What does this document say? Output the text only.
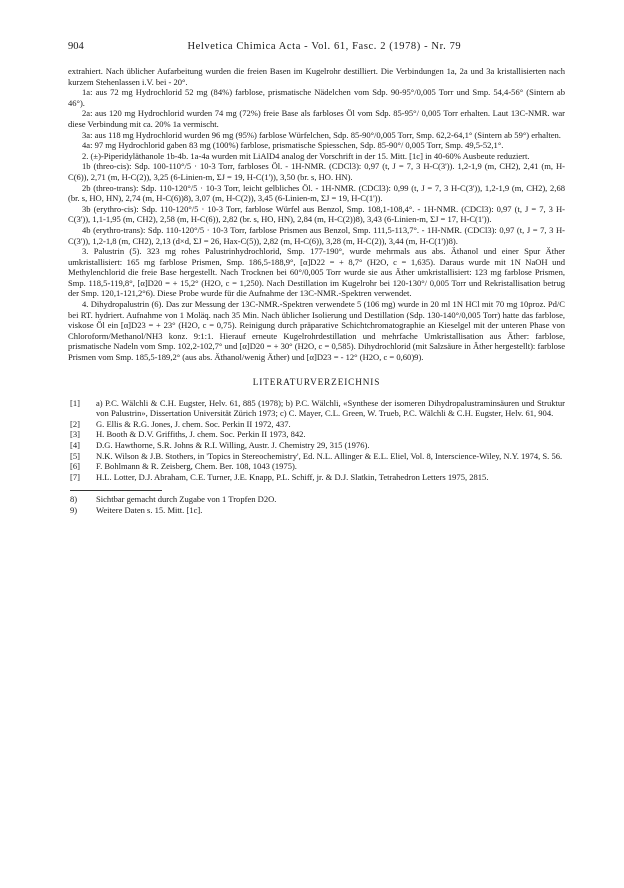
904	Helvetica Chimica Acta - Vol. 61, Fasc. 2 (1978) - Nr. 79

extrahiert. Nach üblicher Aufarbeitung wurden die freien Basen im Kugelrohr destilliert. Die Verbindungen 1a, 2a und 3a kristallisierten nach kurzem Stehenlassen i.V. bei - 20°.

1a: aus 72 mg Hydrochlorid 52 mg (84%) farblose, prismatische Nädelchen vom Sdp. 90-95°/0,005 Torr und Smp. 54,4-56° (Sintern ab 46°).

2a: aus 120 mg Hydrochlorid wurden 74 mg (72%) freie Base als farbloses Öl vom Sdp. 85-95°/ 0,005 Torr erhalten. Laut 13C-NMR. war diese Verbindung mit ca. 20% 1a vermischt.

3a: aus 118 mg Hydrochlorid wurden 96 mg (95%) farblose Würfelchen, Sdp. 85-90°/0,005 Torr, Smp. 62,2-64,1° (Sintern ab 59°) erhalten.

4a: 97 mg Hydrochlorid gaben 83 mg (100%) farblose, prismatische Spiesschen, Sdp. 85-90°/ 0,005 Torr, Smp. 49,5-52,1°.

2. (±)-Piperidyläthanole 1b-4b. 1a-4a wurden mit LiAlD4 analog der Vorschrift in der 15. Mitt. [1c] in 40-60% Ausbeute reduziert.

1b (threo-cis): Sdp. 100-110°/5 · 10-3 Torr, farbloses Öl. - 1H-NMR. (CDCl3): 0,97 (t, J = 7, 3 H-C(3')). 1,2-1,9 (m, CH2), 2,41 (m, H-C(6)), 2,71 (m, H-C(2)), 3,25 (6-Linien-m, ΣJ = 19, H-C(1')), 3,50 (br. s, HO. HN).

2b (threo-trans): Sdp. 110-120°/5 · 10-3 Torr, leicht gelbliches Öl. - 1H-NMR. (CDCl3): 0,99 (t, J = 7, 3 H-C(3')), 1,2-1,9 (m, CH2), 2,68 (br. s, HO, HN), 2,74 (m, H-C(6))8), 3,07 (m, H-C(2)), 3,45 (6-Linien-m, ΣJ = 19, H-C(1')).

3b (erythro-cis): Sdp. 110-120°/5 · 10-3 Torr, farblose Würfel aus Benzol, Smp. 108,1-108,4°. - 1H-NMR. (CDCl3): 0,97 (t, J = 7, 3 H-C(3')), 1,1-1,95 (m, CH2), 2,58 (m, H-C(6)), 2,82 (br. s, HO, HN), 2,84 (m, H-C(2))8), 3,43 (6-Linien-m, ΣJ = 17, H-C(1')).

4b (erythro-trans): Sdp. 110-120°/5 · 10-3 Torr, farblose Prismen aus Benzol, Smp. 111,5-113,7°. - 1H-NMR. (CDCl3): 0,97 (t, J = 7, 3 H-C(3')), 1,2-1,8 (m, CH2), 2,13 (d×d, ΣJ = 26, Hax-C(5)), 2,82 (m, H-C(6)), 3,28 (m, H-C(2)), 3,44 (m, H-C(1'))8).

3. Palustrin (5). 323 mg rohes Palustrinhydrochlorid, Smp. 177-190°, wurde mehrmals aus abs. Äthanol und einer Spur Äther umkristallisiert: 165 mg farblose Prismen, Smp. 186,5-188,9°, [α]D22 = + 8,7° (H2O, c = 1,635). Daraus wurde mit 1N NaOH und Methylenchlorid die freie Base hergestellt. Nach Trocknen bei 60°/0,005 Torr wurde sie aus Äther umkristallisiert: 123 mg farblose Prismen, Smp. 118,5-119,8°, [α]D20 = + 15,2° (H2O, c = 1,250). Nach Destillation im Kugelrohr bei 120-130°/ 0,005 Torr und Rekristallisation betrug der Smp. 120,1-121,2°6). Diese Probe wurde für die Aufnahme der 13C-NMR.-Spektren verwendet.

4. Dihydropalustrin (6). Das zur Messung der 13C-NMR.-Spektren verwendete 5 (106 mg) wurde in 20 ml 1N HCl mit 70 mg 10proz. Pd/C bei RT. hydriert. Aufnahme von 1 Moläq. nach 35 Min. Nach üblicher Isolierung und Destillation (Sdp. 130-140°/0,005 Torr) hatte das farblose, viskose Öl ein [α]D23 = + 23° (H2O, c = 0,75). Reinigung durch präparative Schichtchromatographie an Kieselgel mit der unteren Phase von Chloroform/Methanol/NH3 konz. 9:1:1. Hierauf erneute Kugelrohrdestillation und mehrfache Umkristallisation aus Äther: farblose, prismatische Nadeln vom Smp. 102,2-102,7° und [α]D20 = + 30° (H2O, c = 0,585). Dihydrochlorid (mit Salzsäure in Äther hergestellt): farblose Prismen vom Smp. 185,5-189,2° (aus abs. Äthanol/wenig Äther) und [α]D23 = - 12° (H2O, c = 0,60)9).

LITERATURVERZEICHNIS
[1]	a) P.C. Wälchli & C.H. Eugster, Helv. 61, 885 (1978); b) P.C. Wälchli, «Synthese der isomeren Dihydropalustraminsäuren und Struktur von Palustrin», Dissertation Universität Zürich 1973; c) C. Mayer, C.L. Green, W. Trueb, P.C. Wälchli & C.H. Eugster, Helv. 61, 904.
[2]	G. Ellis & R.G. Jones, J. chem. Soc. Perkin II 1972, 437.
[3]	H. Booth & D.V. Griffiths, J. chem. Soc. Perkin II 1973, 842.
[4]	D.G. Hawthorne, S.R. Johns & R.I. Willing, Austr. J. Chemistry 29, 315 (1976).
[5]	N.K. Wilson & J.B. Stothers, in 'Topics in Stereochemistry', Ed. N.L. Allinger & E.L. Eliel, Vol. 8, Interscience-Wiley, N.Y. 1974, S. 56.
[6]	F. Bohlmann & R. Zeisberg, Chem. Ber. 108, 1043 (1975).
[7]	H.L. Lotter, D.J. Abraham, C.E. Turner, J.E. Knapp, P.L. Schiff, jr. & D.J. Slatkin, Tetrahedron Letters 1975, 2815.
8)	Sichtbar gemacht durch Zugabe von 1 Tropfen D2O.
9)	Weitere Daten s. 15. Mitt. [1c].
